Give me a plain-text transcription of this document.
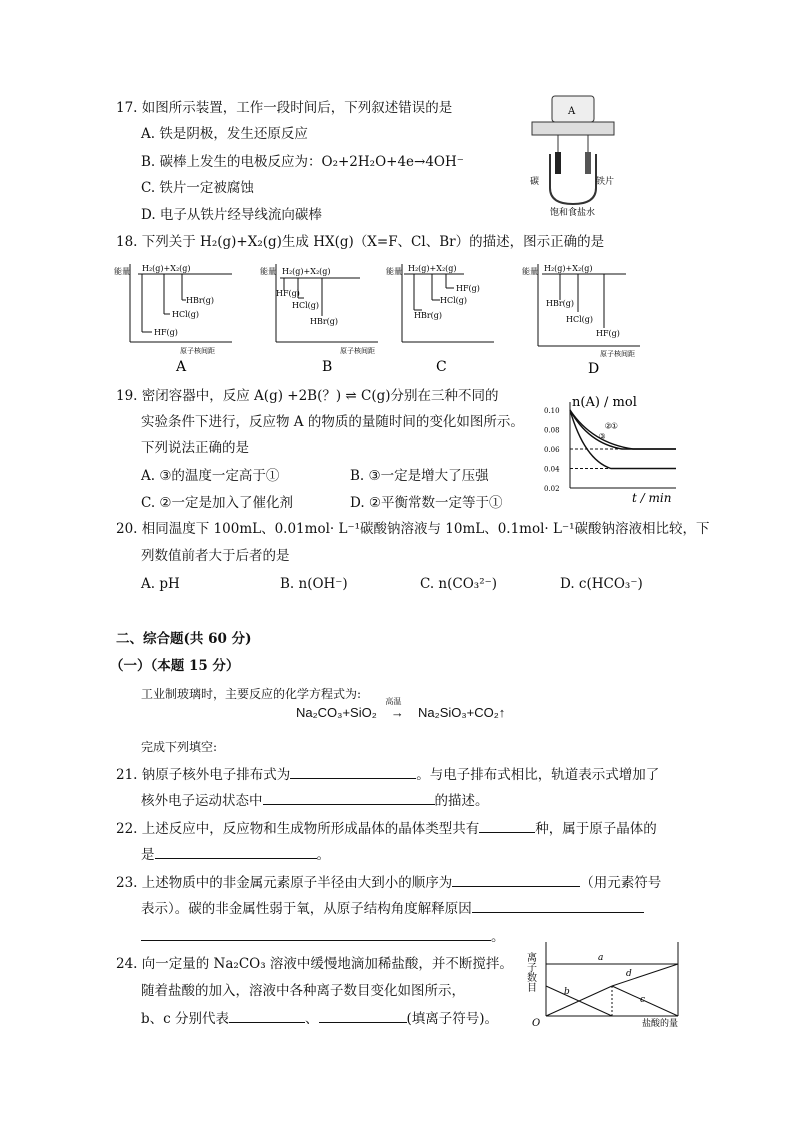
17. 如图所示装置，工作一段时间后，下列叙述错误的是
A. 铁是阴极，发生还原反应
B. 碳棒上发生的电极反应为：O₂+2H₂O+4e→4OH⁻
C. 铁片一定被腐蚀
D. 电子从铁片经导线流向碳棒
A
碳	铁片
饱和食盐水
18. 下列关于 H₂(g)+X₂(g)生成 HX(g)（X=F、Cl、Br）的描述，图示正确的是
能量
原子核间距
H₂(g)+X₂(g)
HF(g)
HCl(g)
HBr(g)
A
能量
原子核间距
H₂(g)+X₂(g)
HF(g)
HCl(g)
HBr(g)
B
能量 H₂(g)+X₂(g)
HBr(g)
HCl(g)
HF(g)
C
能量
原子核间距
H₂(g)+X₂(g)
HBr(g)
HCl(g)
HF(g)
D
19. 密闭容器中，反应 A(g) +2B(？) ⇌ C(g)分别在三种不同的
实验条件下进行，反应物 A 的物质的量随时间的变化如图所示。
下列说法正确的是
A. ③的温度一定高于①	B. ③一定是增大了压强
C. ②一定是加入了催化剂	D. ②平衡常数一定等于①
n(A) / mol
t / min
0.10
0.08
0.06
0.04
0.02
①
②
③
20. 相同温度下 100mL、0.01mol· L⁻¹碳酸钠溶液与 10mL、0.1mol· L⁻¹碳酸钠溶液相比较，下
列数值前者大于后者的是
A. pH	B. n(OH⁻)	C. n(CO₃²⁻)	D. c(HCO₃⁻)
二、综合题(共 60 分)
（一）（本题 15 分）
工业制玻璃时，主要反应的化学方程式为:
Na₂CO₃+SiO₂
高温
→ Na₂SiO₃+CO₂↑
完成下列填空:
21. 钠原子核外电子排布式为	。与电子排布式相比，轨道表示式增加了
核外电子运动状态中	的描述。
22. 上述反应中，反应物和生成物所形成晶体的晶体类型共有	种，属于原子晶体的
是	。
23. 上述物质中的非金属元素原子半径由大到小的顺序为	（用元素符号
表示）。碳的非金属性弱于氧，从原子结构角度解释原因
。
24. 向一定量的 Na₂CO₃ 溶液中缓慢地滴加稀盐酸，并不断搅拌。
随着盐酸的加入，溶液中各种离子数目变化如图所示，
b、c 分别代表	、	(填离子符号)。
离子数目
O	盐酸的量
a
b
c
d
